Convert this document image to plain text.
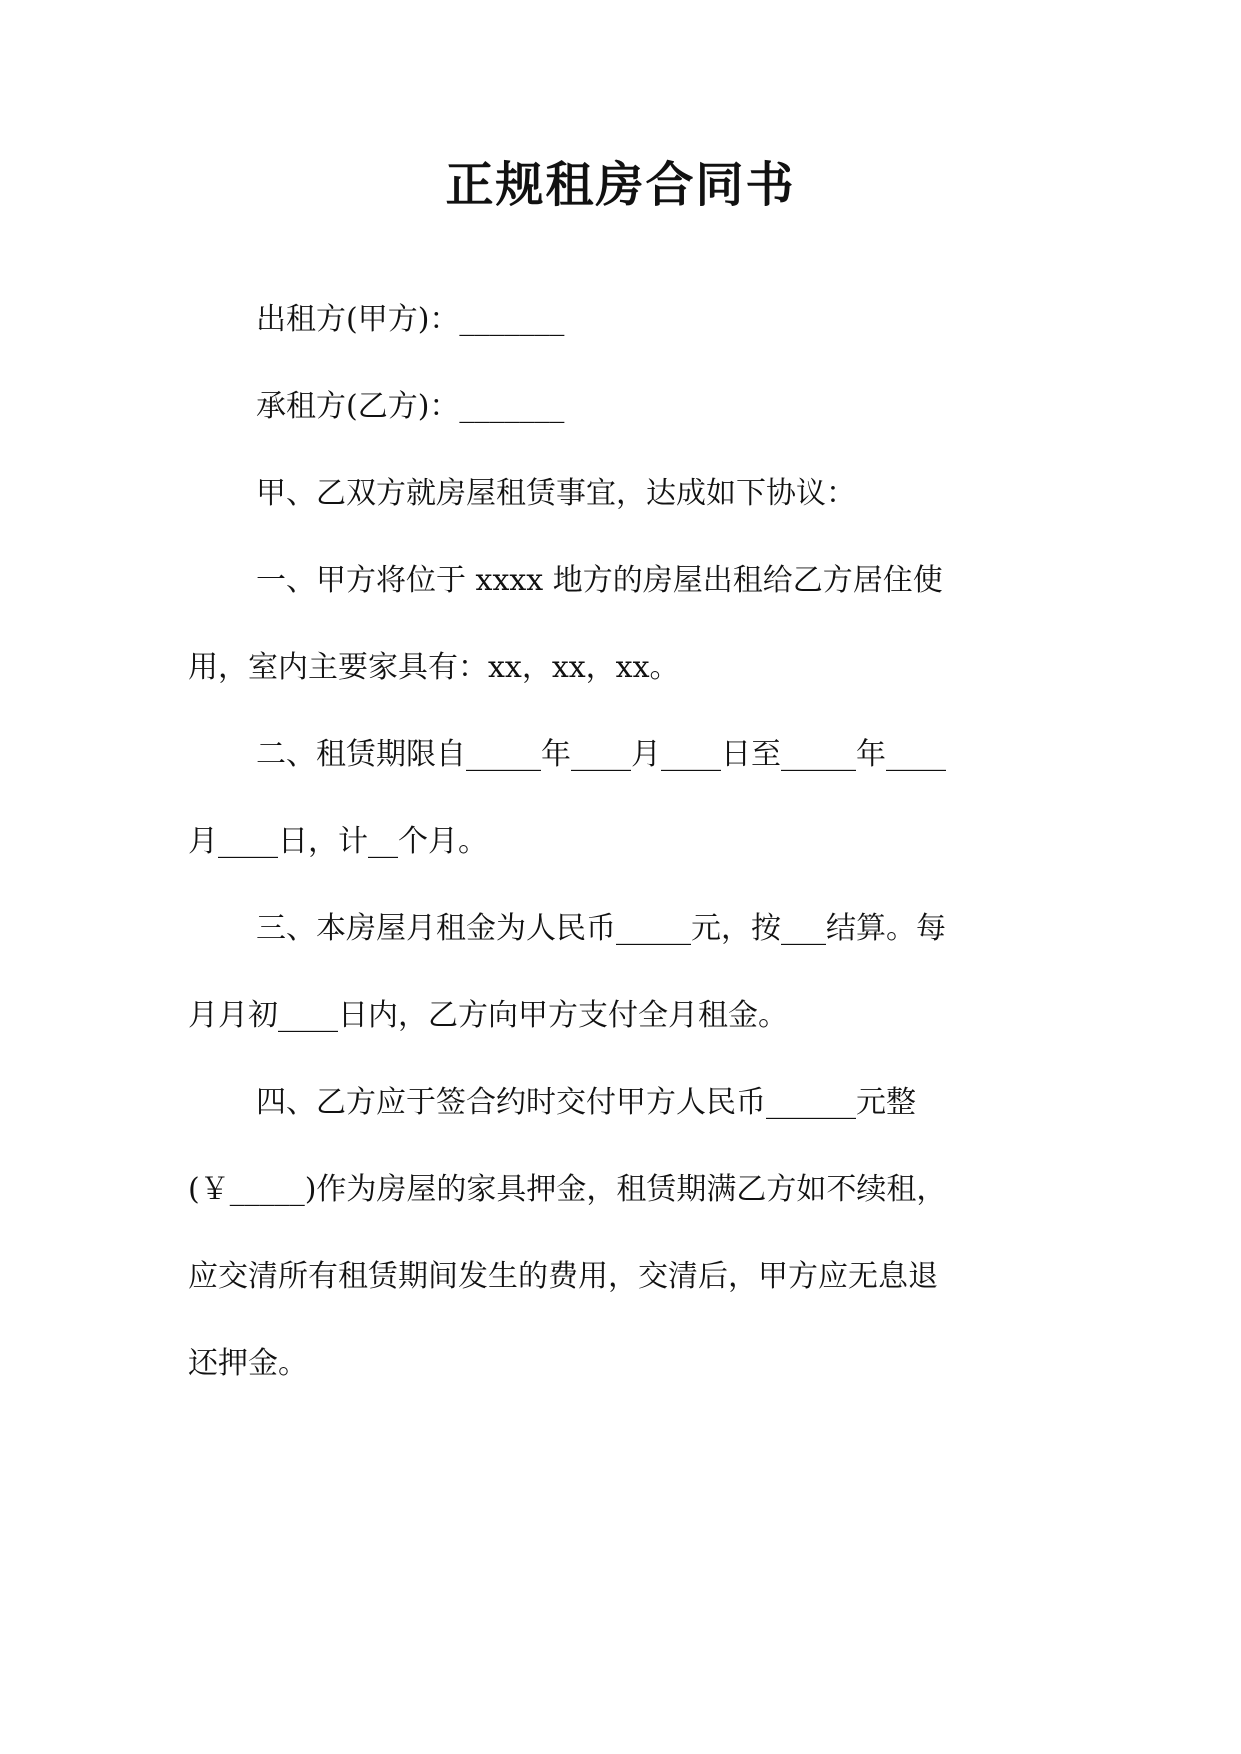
正规租房合同书
出租方(甲方)：_______
承租方(乙方)：_______
甲、乙双方就房屋租赁事宜，达成如下协议：
一、甲方将位于 xxxx 地方的房屋出租给乙方居住使
用，室内主要家具有：xx，xx，xx。
二、租赁期限自_____年____月____日至_____年____
月____日，计__个月。
三、本房屋月租金为人民币_____元，按___结算。每
月月初____日内，乙方向甲方支付全月租金。
四、乙方应于签合约时交付甲方人民币______元整
(￥_____)作为房屋的家具押金，租赁期满乙方如不续租，
应交清所有租赁期间发生的费用，交清后，甲方应无息退
还押金。
